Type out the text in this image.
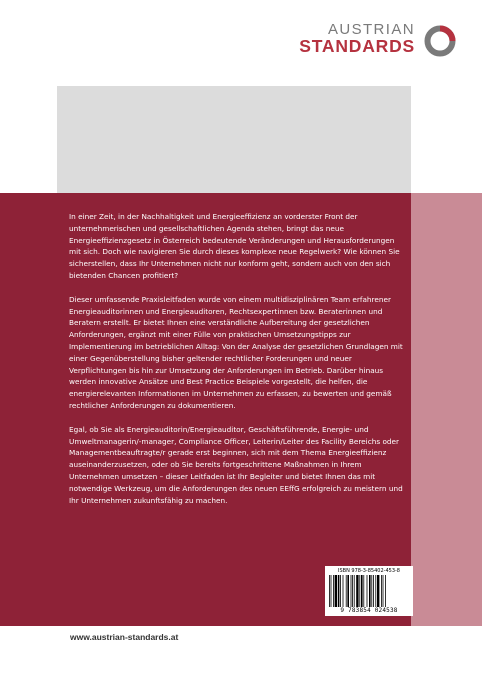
AUSTRIAN
STANDARDS

In einer Zeit, in der Nachhaltigkeit und Energieeffizienz an vorderster Front der unternehmerischen und gesellschaftlichen Agenda stehen, bringt das neue Energieeffizienzgesetz in Österreich bedeutende Veränderungen und Herausforderungen mit sich. Doch wie navigieren Sie durch dieses komplexe neue Regelwerk? Wie können Sie sicherstellen, dass Ihr Unternehmen nicht nur konform geht, sondern auch von den sich bietenden Chancen profitiert?

Dieser umfassende Praxisleitfaden wurde von einem multidisziplinären Team erfahrener Energieauditorinnen und Energieauditoren, Rechtsexpertinnen bzw. Beraterinnen und Beratern erstellt. Er bietet Ihnen eine verständliche Aufbereitung der gesetzlichen Anforderungen, ergänzt mit einer Fülle von praktischen Umsetzungstipps zur Implementierung im betrieblichen Alltag: Von der Analyse der gesetzlichen Grundlagen mit einer Gegenüberstellung bisher geltender rechtlicher Forderungen und neuer Verpflichtungen bis hin zur Umsetzung der Anforderungen im Betrieb. Darüber hinaus werden innovative Ansätze und Best Practice Beispiele vorgestellt, die helfen, die energierelevanten Informationen im Unternehmen zu erfassen, zu bewerten und gemäß rechtlicher Anforderungen zu dokumentieren.

Egal, ob Sie als Energieauditorin/Energieauditor, Geschäftsführende, Energie- und Umweltmanagerin/-manager, Compliance Officer, Leiterin/Leiter des Facility Bereichs oder Managementbeauftragte/r gerade erst beginnen, sich mit dem Thema Energieeffizienz auseinanderzusetzen, oder ob Sie bereits fortgeschrittene Maßnahmen in Ihrem Unternehmen umsetzen – dieser Leitfaden ist Ihr Begleiter und bietet Ihnen das mit notwendige Werkzeug, um die Anforderungen des neuen EEffG erfolgreich zu meistern und Ihr Unternehmen zukunftsfähig zu machen.

ISBN 978-3-85402-453-8
9 783854 024538
www.austrian-standards.at
